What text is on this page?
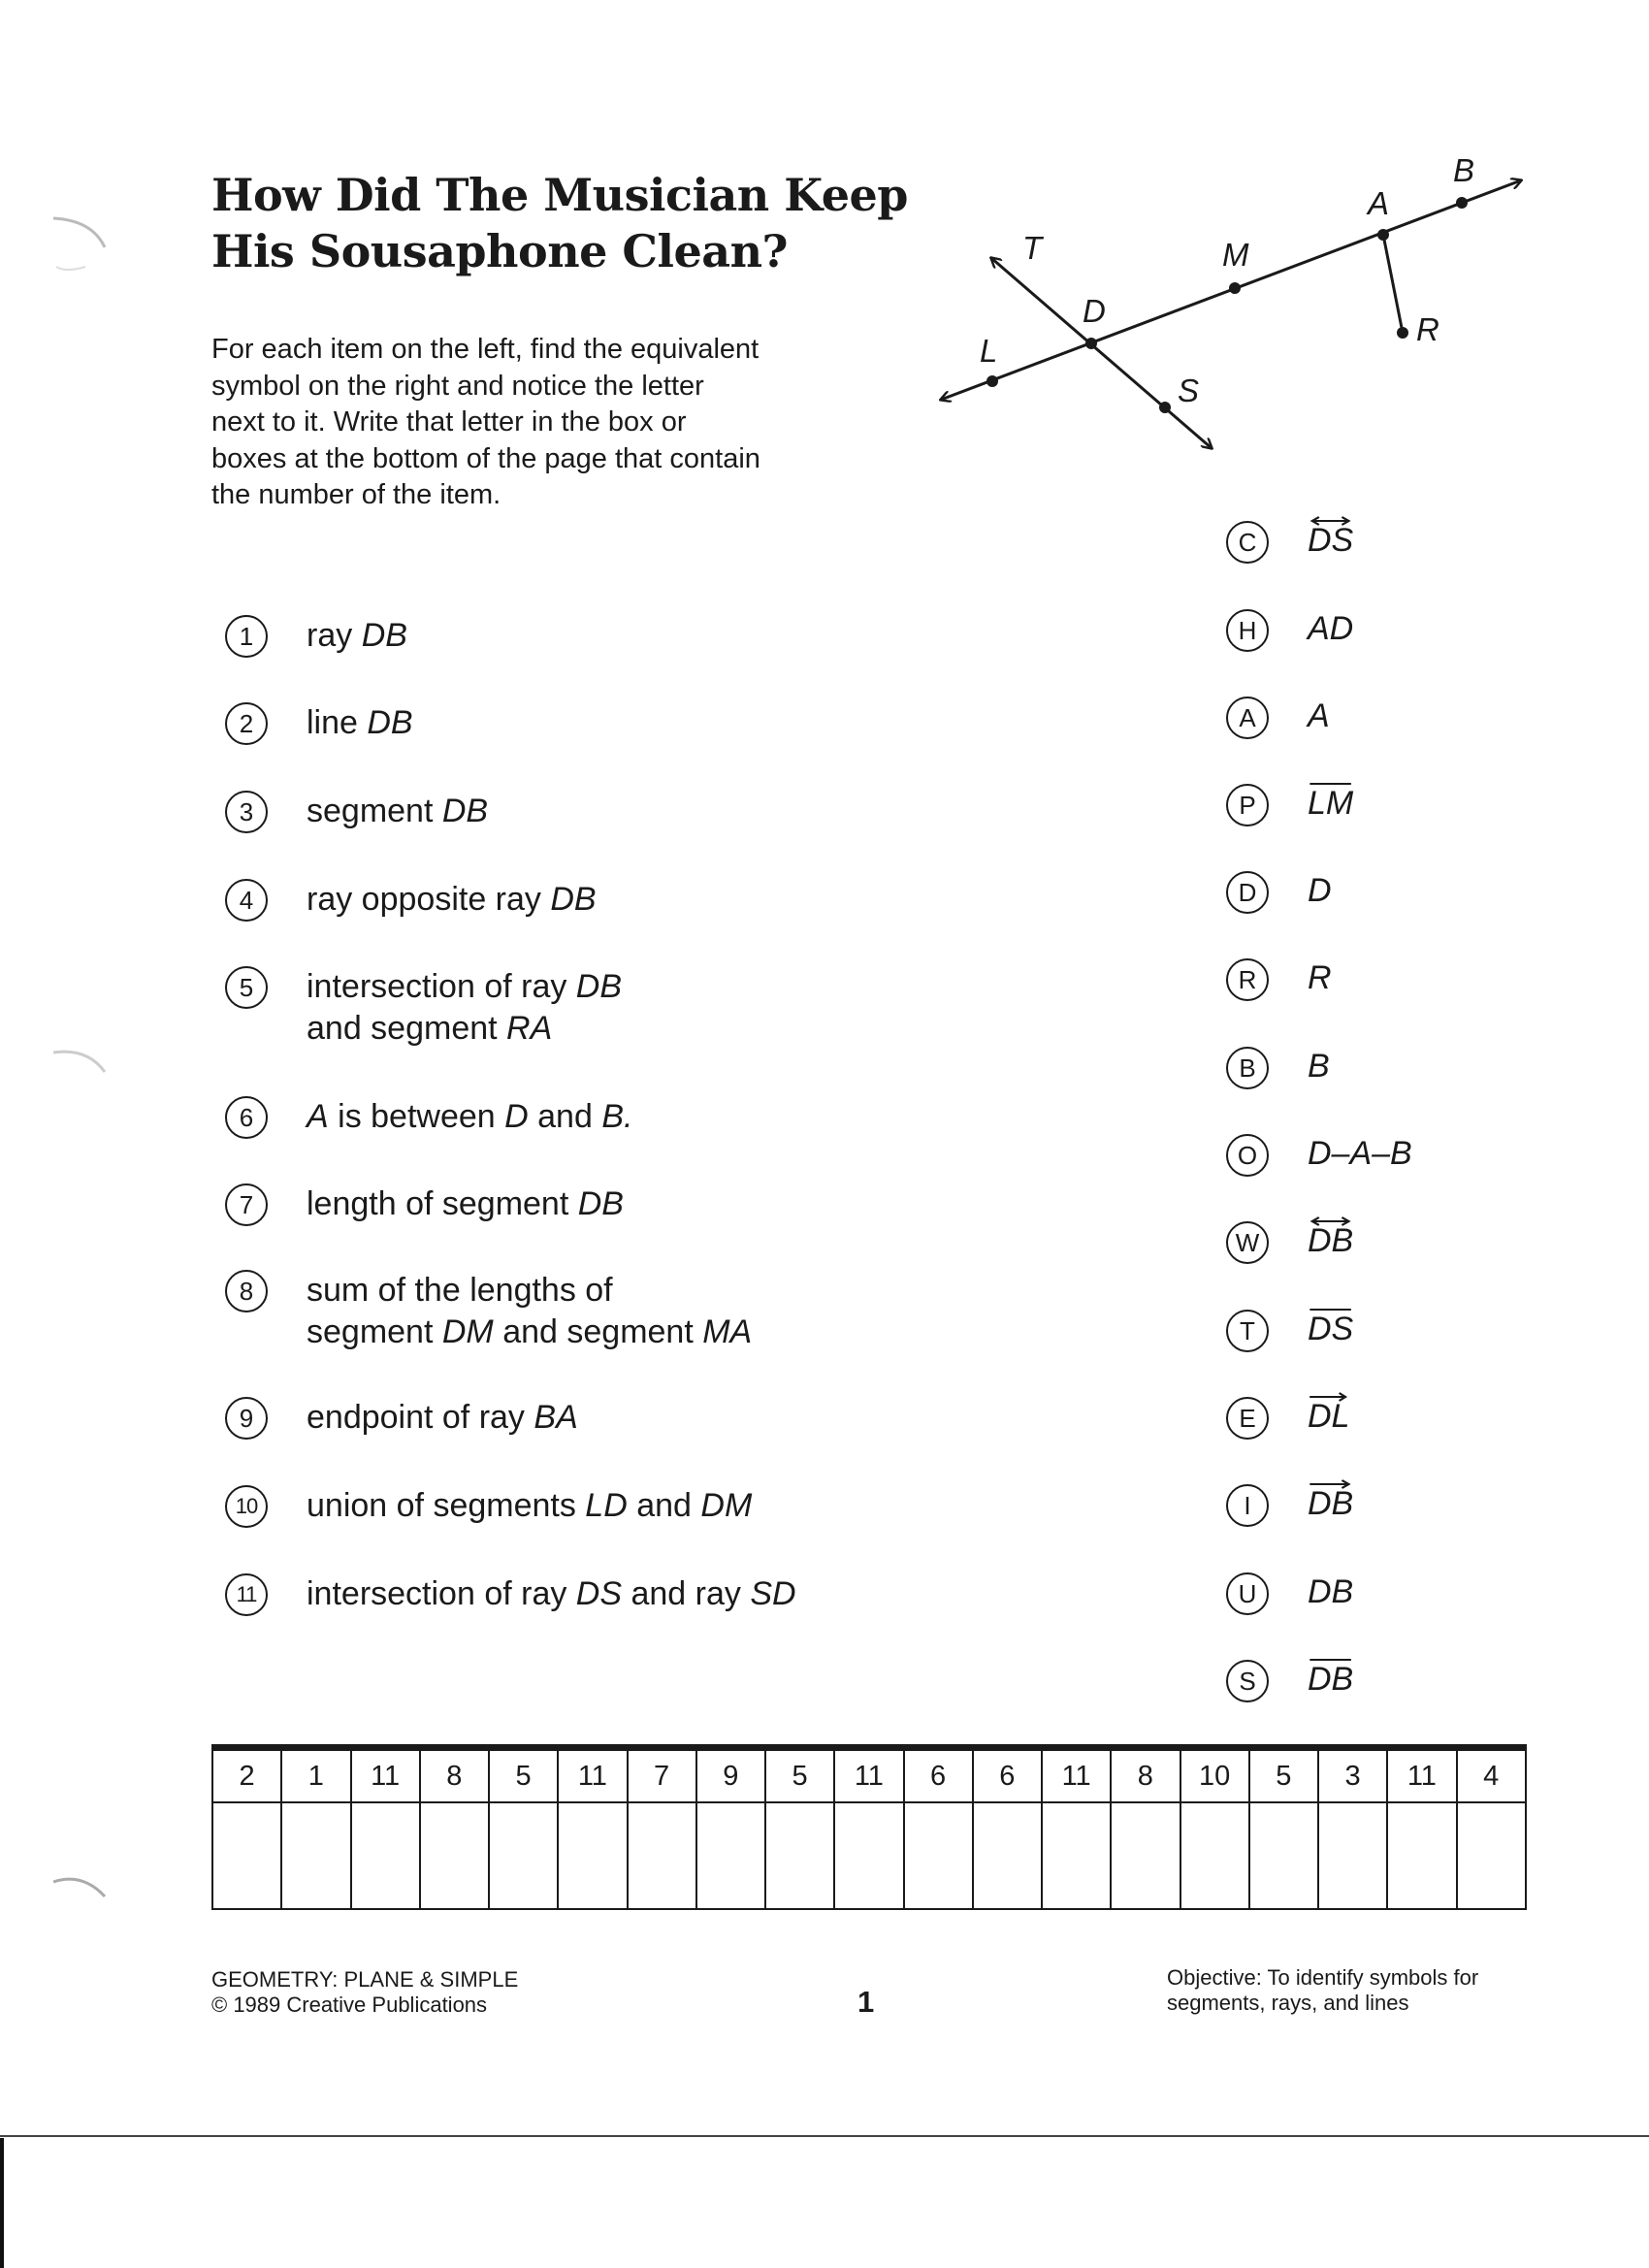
How Did The Musician Keep
His Sousaphone Clean?

For each item on the left, find the equivalent
symbol on the right and notice the letter
next to it. Write that letter in the box or
boxes at the bottom of the page that contain
the number of the item.

B
A
M
T
D
L
S
R
1	ray DB
2	line DB
3	segment DB
4	ray opposite ray DB
5	intersection of ray DB
and segment RA
6	A is between D and B.
7	length of segment DB
8	sum of the lengths of
segment DM and segment MA
9	endpoint of ray BA
10	union of segments LD and DM
11	intersection of ray DS and ray SD
C	DS
H	AD
A	A
P	LM
D	D
R	R
B	B
O	D–A–B
W DB
T	DS
E	DL
I	DB
U	DB
S	DB
2	1	11	8	5	11	7	9	5	11	6	6	11	8	10	5	3	11	4

GEOMETRY: PLANE & SIMPLE
© 1989 Creative Publications	1
Objective: To identify symbols for
segments, rays, and lines
